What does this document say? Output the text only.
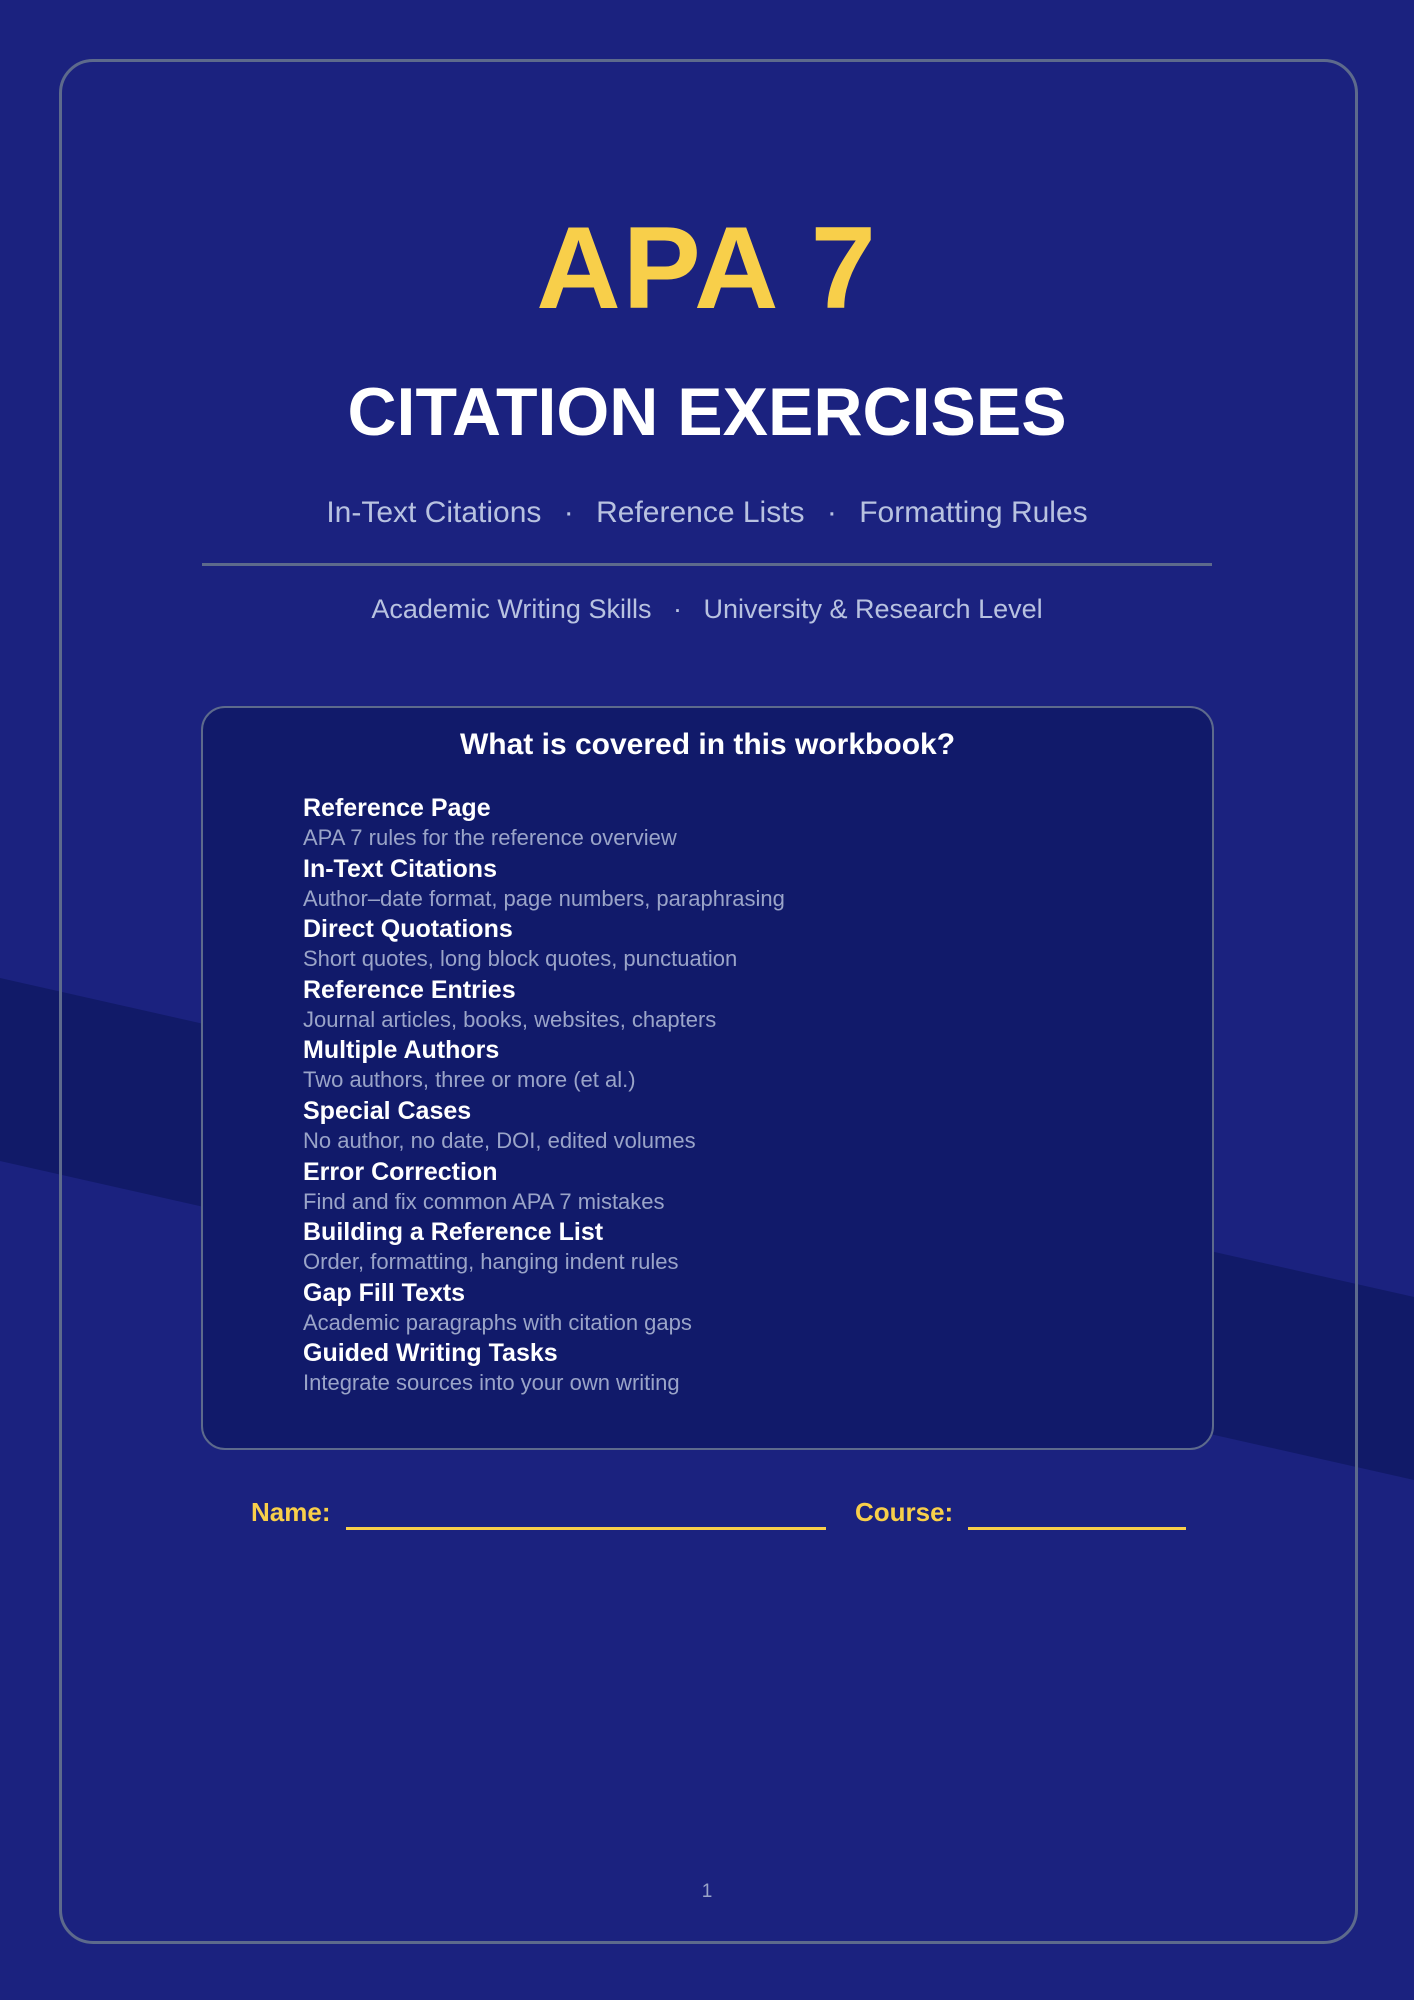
APA 7
CITATION EXERCISES
In-Text Citations · Reference Lists · Formatting Rules
Academic Writing Skills · University & Research Level
What is covered in this workbook?
Reference Page
APA 7 rules for the reference overview
In-Text Citations
Author–date format, page numbers, paraphrasing
Direct Quotations
Short quotes, long block quotes, punctuation
Reference Entries
Journal articles, books, websites, chapters
Multiple Authors
Two authors, three or more (et al.)
Special Cases
No author, no date, DOI, edited volumes
Error Correction
Find and fix common APA 7 mistakes
Building a Reference List
Order, formatting, hanging indent rules
Gap Fill Texts
Academic paragraphs with citation gaps
Guided Writing Tasks
Integrate sources into your own writing
Name:	Course:
1
